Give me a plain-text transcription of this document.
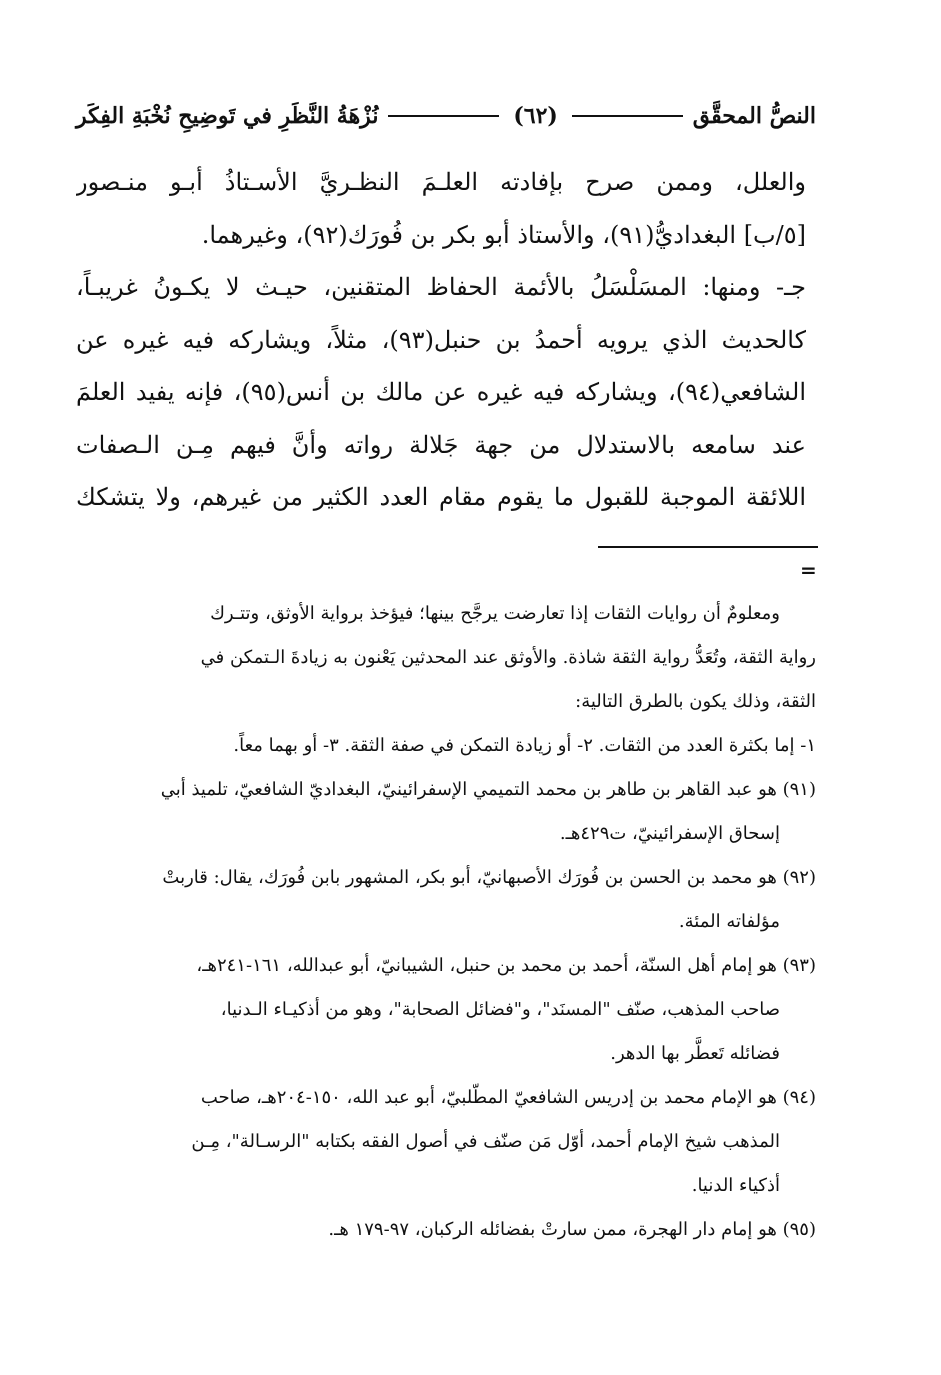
النصُّ المحقَّق
(٦٢)
نُزْهَةُ النَّظَرِ في تَوضِيحِ نُخْبَةِ الفِكَر
والعلل، وممن صرح بإفادته العلـمَ النظـريَّ الأسـتاذُ أبـو منـصور
[٥/ب] البغداديُّ(٩١)، والأستاذ أبو بكر بن فُورَك(٩٢)، وغيرهما.
جـ- ومنها: المسَلْسَلُ بالأئمة الحفاظ المتقنين، حيـث لا يكـونُ غريبـاً،
كالحديث الذي يرويه أحمدُ بن حنبل(٩٣)، مثلاً، ويشاركه فيه غيره عن
الشافعي(٩٤)، ويشاركه فيه غيره عن مالك بن أنس(٩٥)، فإنه يفيد العلمَ
عند سامعه بالاستدلال من جهة جَلالة رواته وأنَّ فيهم مِـن الـصفات
اللائقة الموجبة للقبول ما يقوم مقام العدد الكثير من غيرهم، ولا يتشكك
=
ومعلومٌ أن روايات الثقات إذا تعارضت يرجَّح بينها؛ فيؤخذ برواية الأوثق، وتتـرك
رواية الثقة، وتُعَدُّ رواية الثقة شاذة. والأوثق عند المحدثين يَعْنون به زيادةَ الـتمكن في
الثقة، وذلك يكون بالطرق التالية:
١- إما بكثرة العدد من الثقات. ٢- أو زيادة التمكن في صفة الثقة. ٣- أو بهما معاً.
(٩١) هو عبد القاهر بن طاهر بن محمد التميمي الإسفرائينيّ، البغداديّ الشافعيّ، تلميذ أبي
إسحاق الإسفرائينيّ، ت٤٢٩هـ.
(٩٢) هو محمد بن الحسن بن فُورَك الأصبهانيّ، أبو بكر، المشهور بابن فُورَك، يقال: قاربتْ
مؤلفاته المئة.
(٩٣) هو إمام أهل السنّة، أحمد بن محمد بن حنبل، الشيبانيّ، أبو عبدالله، ١٦١-٢٤١هـ،
صاحب المذهب، صنّف "المسنَد"، و"فضائل الصحابة"، وهو من أذكيـاء الـدنيا،
فضائله تَعطَّر بها الدهر.
(٩٤) هو الإمام محمد بن إدريس الشافعيّ المطّلبيّ، أبو عبد الله، ١٥٠-٢٠٤هـ، صاحب
المذهب شيخ الإمام أحمد، أوّل مَن صنّف في أصول الفقه بكتابه "الرسـالة"، مِـن
أذكياء الدنيا.
(٩٥) هو إمام دار الهجرة، ممن سارتْ بفضائله الركبان، ٩٧-١٧٩ هـ.
